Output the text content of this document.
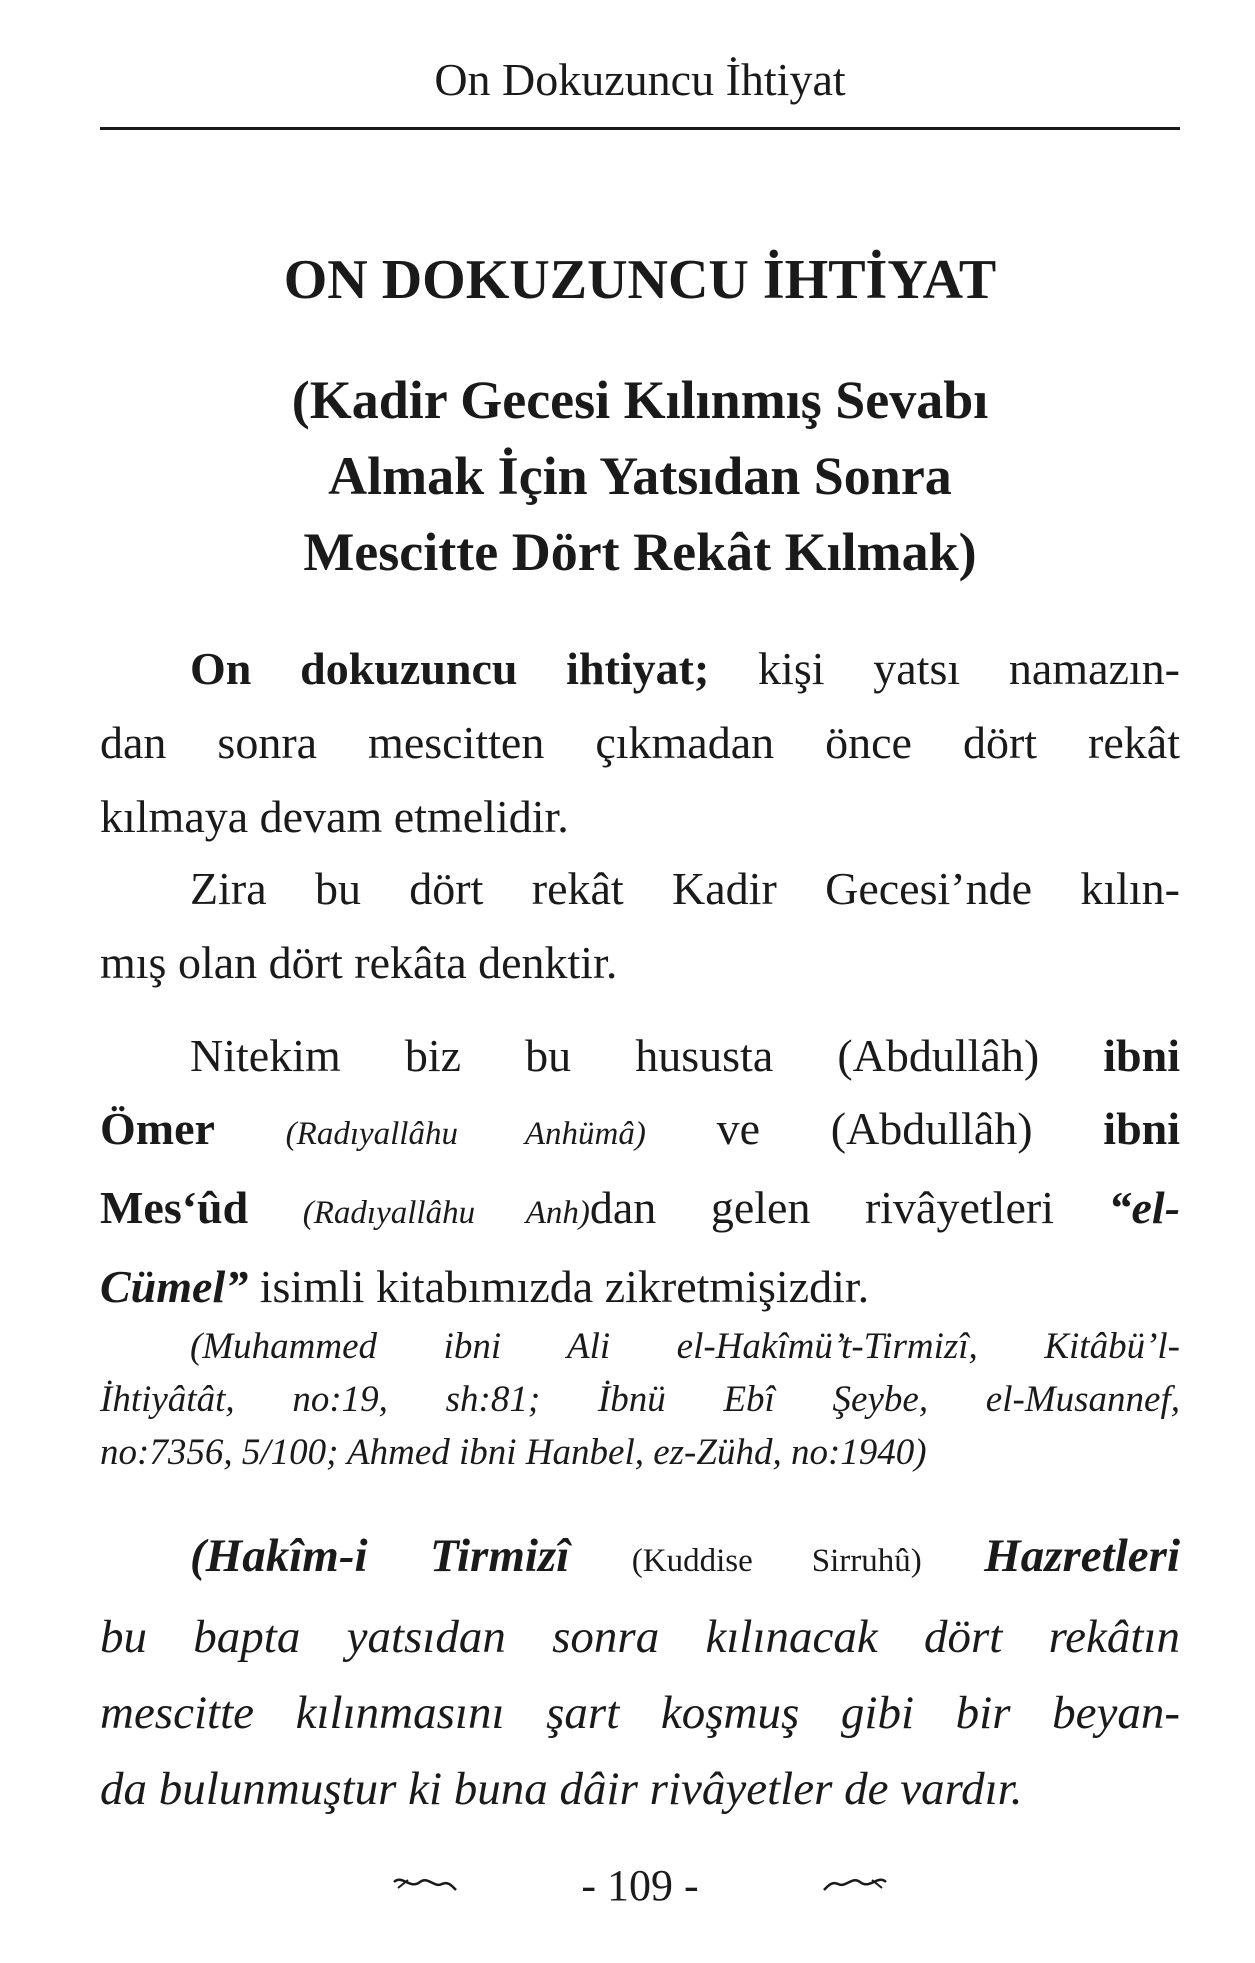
On Dokuzuncu İhtiyat
ON DOKUZUNCU İHTİYAT
(Kadir Gecesi Kılınmış Sevabı
Almak İçin Yatsıdan Sonra
Mescitte Dört Rekât Kılmak)
On dokuzuncu ihtiyat; kişi yatsı namazın-
dan sonra mescitten çıkmadan önce dört rekât
kılmaya devam etmelidir.
Zira bu dört rekât Kadir Gecesi’nde kılın-
mış olan dört rekâta denktir.
Nitekim biz bu hususta (Abdullâh) ibni
Ömer (Radıyallâhu Anhümâ) ve (Abdullâh) ibni
Mes‘ûd (Radıyallâhu Anh)dan gelen rivâyetleri “el-
Cümel” isimli kitabımızda zikretmişizdir.
(Muhammed ibni Ali el-Hakîmü’t-Tirmizî, Kitâbü’l-
İhtiyâtât, no:19, sh:81; İbnü Ebî Şeybe, el-Musannef,
no:7356, 5/100; Ahmed ibni Hanbel, ez-Zühd, no:1940)
(Hakîm-i Tirmizî (Kuddise Sirruhû) Hazretleri
bu bapta yatsıdan sonra kılınacak dört rekâtın
mescitte kılınmasını şart koşmuş gibi bir beyan-
da bulunmuştur ki buna dâir rivâyetler de vardır.
- 109 -
